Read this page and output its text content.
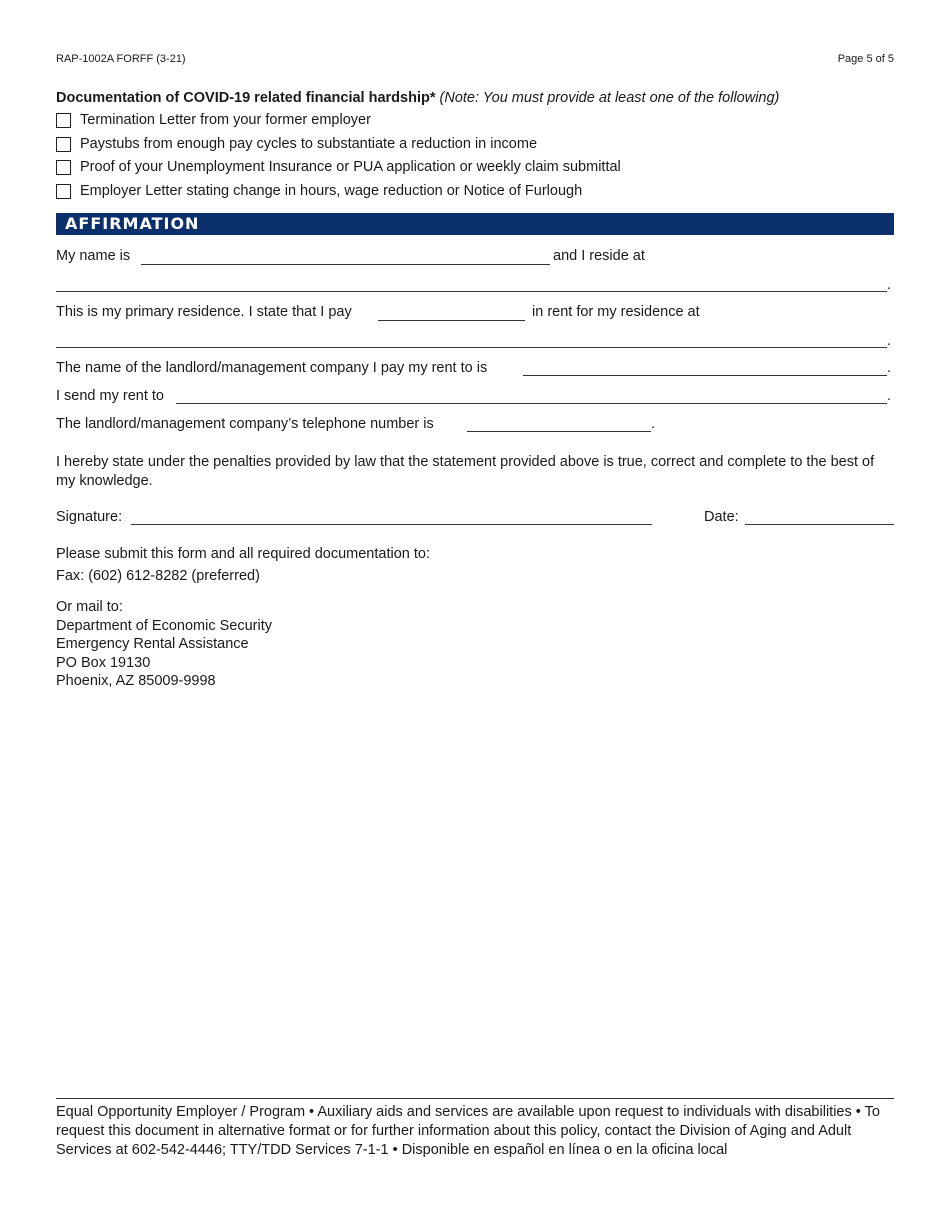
RAP-1002A FORFF (3-21)	Page 5 of 5
Documentation of COVID-19 related financial hardship* (Note: You must provide at least one of the following)
Termination Letter from your former employer
Paystubs from enough pay cycles to substantiate a reduction in income
Proof of your Unemployment Insurance or PUA application or weekly claim submittal
Employer Letter stating change in hours, wage reduction or Notice of Furlough
AFFIRMATION
My name is	and I reside at
.
This is my primary residence. I state that I pay	in rent for my residence at
.
The name of the landlord/management company I pay my rent to is	.
I send my rent to	.
The landlord/management company’s telephone number is	.
I hereby state under the penalties provided by law that the statement provided above is true, correct and complete to the best of my knowledge.
Signature:	Date:
Please submit this form and all required documentation to:
Fax: (602) 612-8282 (preferred)
Or mail to:
Department of Economic Security
Emergency Rental Assistance
PO Box 19130
Phoenix, AZ 85009-9998
Equal Opportunity Employer / Program • Auxiliary aids and services are available upon request to individuals with disabilities • To request this document in alternative format or for further information about this policy, contact the Division of Aging and Adult Services at 602-542-4446; TTY/TDD Services 7-1-1 • Disponible en español en línea o en la oficina local
